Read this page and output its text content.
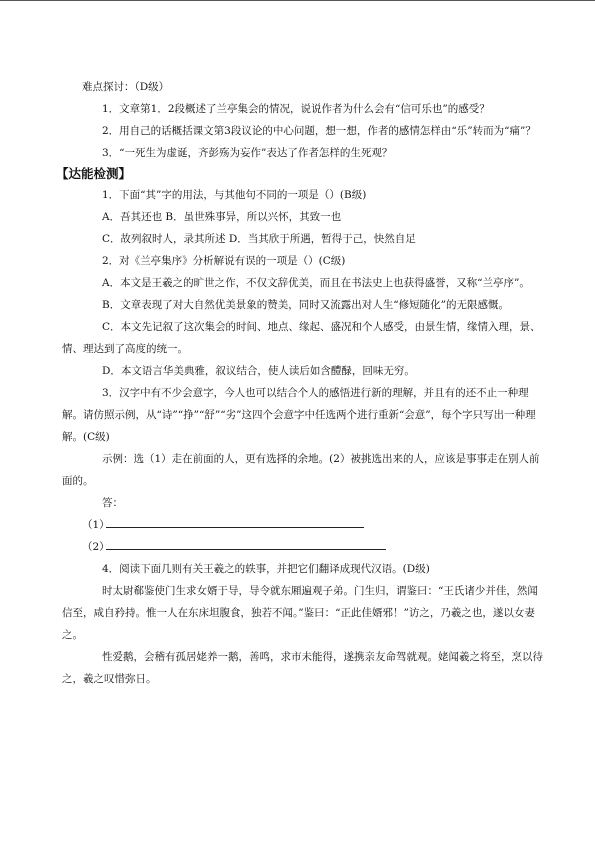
难点探讨：（D级）

1．文章第1．2段概述了兰亭集会的情况，说说作者为什么会有“信可乐也”的感受？

2．用自己的话概括课文第3段议论的中心问题，想一想，作者的感情怎样由“乐”转而为“痛”？

3．“一死生为虚诞，齐彭殇为妄作”表达了作者怎样的生死观？

【达能检测】

1．下面“其”字的用法，与其他句不同的一项是（）(B级)

A．吾其还也 B．虽世殊事异，所以兴怀，其致一也

C．故列叙时人，录其所述 D．当其欣于所遇，暂得于己，快然自足

2．对《兰亭集序》分析解说有误的一项是（）(C级)

A．本文是王羲之的旷世之作，不仅文辞优美，而且在书法史上也获得盛誉，又称“兰亭序”。

B．文章表现了对大自然优美景象的赞美，同时又流露出对人生“修短随化”的无限感慨。

C．本文先记叙了这次集会的时间、地点、缘起、盛况和个人感受，由景生情，缘情入理，景、情、理达到了高度的统一。

D．本文语言华美典雅，叙议结合，使人读后如含醴醁，回味无穷。

3．汉字中有不少会意字，今人也可以结合个人的感悟进行新的理解，并且有的还不止一种理解。请仿照示例，从“诗”“挣”“舒”“劣”这四个会意字中任选两个进行重新“会意”，每个字只写出一种理解。(C级)

示例：选（1）走在前面的人，更有选择的余地。(2）被挑选出来的人，应该是事事走在别人前面的。

答：

（1）

（2）

4．阅读下面几则有关王羲之的轶事，并把它们翻译成现代汉语。(D级)

时太尉郗鉴使门生求女婿于导，导令就东厢遍观子弟。门生归，谓鉴曰：“王氏诸少并佳，然闻信至，咸自矜持。惟一人在东床坦腹食，独若不闻。”鉴曰：“正此佳婿邪！”访之，乃羲之也，遂以女妻之。

性爱鹅，会稽有孤居姥养一鹅，善鸣，求市未能得，遂携亲友命驾就观。姥闻羲之将至，烹以待之，羲之叹惜弥日。
